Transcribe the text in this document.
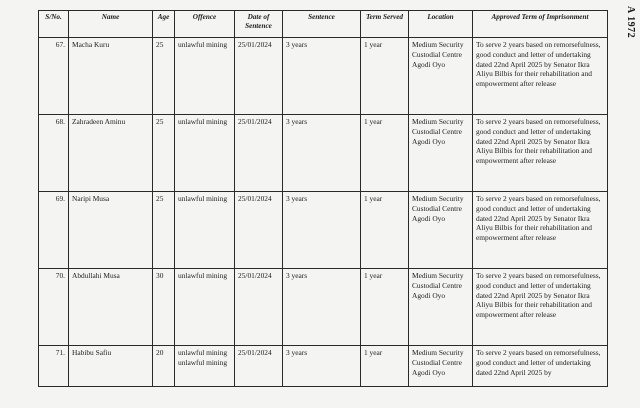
A 1972
S/No.	Name	Age	Offence	Date of Sentence	Sentence	Term Served	Location	Approved Term of Imprisonment
67.	Macha Kuru	25	unlawful mining	25/01/2024	3 years	1 year	Medium Security Custodial Centre Agodi Oyo	To serve 2 years based on remorsefulness, good conduct and letter of undertaking dated 22nd April 2025 by Senator Ikra Aliyu Bilbis for their rehabilitation and empowerment after release
68.	Zahradeen Aminu	25	unlawful mining	25/01/2024	3 years	1 year	Medium Security Custodial Centre Agodi Oyo	To serve 2 years based on remorsefulness, good conduct and letter of undertaking dated 22nd April 2025 by Senator Ikra Aliyu Bilbis for their rehabilitation and empowerment after release
69.	Naripi Musa	25	unlawful mining	25/01/2024	3 years	1 year	Medium Security Custodial Centre Agodi Oyo	To serve 2 years based on remorsefulness, good conduct and letter of undertaking dated 22nd April 2025 by Senator Ikra Aliyu Bilbis for their rehabilitation and empowerment after release
70.	Abdullahi Musa	30	unlawful mining	25/01/2024	3 years	1 year	Medium Security Custodial Centre Agodi Oyo	To serve 2 years based on remorsefulness, good conduct and letter of undertaking dated 22nd April 2025 by Senator Ikra Aliyu Bilbis for their rehabilitation and empowerment after release
71.	Habibu Safiu	20	unlawful mining unlawful mining	25/01/2024	3 years	1 year	Medium Security Custodial Centre Agodi Oyo	To serve 2 years based on remorsefulness, good conduct and letter of undertaking dated 22nd April 2025 by
